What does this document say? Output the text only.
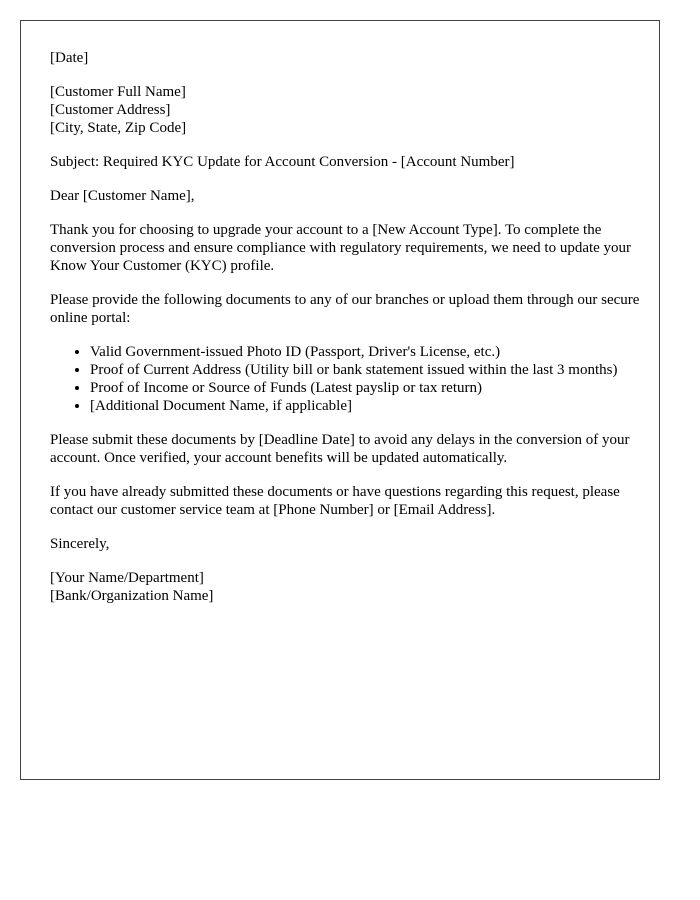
[Date]

[Customer Full Name]
[Customer Address]
[City, State, Zip Code]

Subject: Required KYC Update for Account Conversion - [Account Number]

Dear [Customer Name],

Thank you for choosing to upgrade your account to a [New Account Type]. To complete the conversion process and ensure compliance with regulatory requirements, we need to update your Know Your Customer (KYC) profile.

Please provide the following documents to any of our branches or upload them through our secure online portal:

• Valid Government-issued Photo ID (Passport, Driver's License, etc.)
• Proof of Current Address (Utility bill or bank statement issued within the last 3 months)
• Proof of Income or Source of Funds (Latest payslip or tax return)
• [Additional Document Name, if applicable]

Please submit these documents by [Deadline Date] to avoid any delays in the conversion of your account. Once verified, your account benefits will be updated automatically.

If you have already submitted these documents or have questions regarding this request, please contact our customer service team at [Phone Number] or [Email Address].

Sincerely,

[Your Name/Department]
[Bank/Organization Name]
